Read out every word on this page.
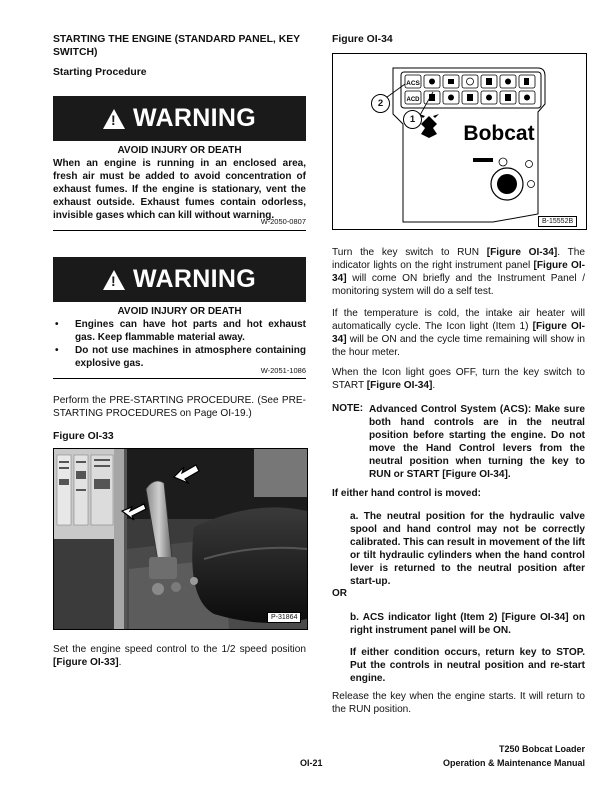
STARTING THE ENGINE (STANDARD PANEL, KEY SWITCH)
Starting Procedure
! WARNING
AVOID INJURY OR DEATH
When an engine is running in an enclosed area, fresh air must be added to avoid concentration of exhaust fumes. If the engine is stationary, vent the exhaust outside. Exhaust fumes contain odorless, invisible gases which can kill without warning.
W-2050-0807
! WARNING
AVOID INJURY OR DEATH
• Engines can have hot parts and hot exhaust gas. Keep flammable material away.
• Do not use machines in atmosphere containing explosive gas.
W-2051-1086
Perform the PRE-STARTING PROCEDURE. (See PRE-STARTING PROCEDURES on Page OI-19.)
Figure OI-33
P-31864
Set the engine speed control to the 1/2 speed position [Figure OI-33].
Figure OI-34
ACS
ACD
Bobcat
2
1
B-15552B
Turn the key switch to RUN [Figure OI-34]. The indicator lights on the right instrument panel [Figure OI-34] will come ON briefly and the Instrument Panel / monitoring system will do a self test.
If the temperature is cold, the intake air heater will automatically cycle. The Icon light (Item 1) [Figure OI-34] will be ON and the cycle time remaining will show in the hour meter.
When the Icon light goes OFF, turn the key switch to START [Figure OI-34].
NOTE: Advanced Control System (ACS): Make sure both hand controls are in the neutral position before starting the engine. Do not move the Hand Control levers from the neutral position when turning the key to RUN or START [Figure OI-34].
If either hand control is moved:
a. The neutral position for the hydraulic valve spool and hand control may not be correctly calibrated. This can result in movement of the lift or tilt hydraulic cylinders when the hand control lever is returned to the neutral position after start-up.
OR
b. ACS indicator light (Item 2) [Figure OI-34] on right instrument panel will be ON.
If either condition occurs, return key to STOP. Put the controls in neutral position and re-start engine.
Release the key when the engine starts. It will return to the RUN position.
OI-21
T250 Bobcat Loader
Operation & Maintenance Manual
